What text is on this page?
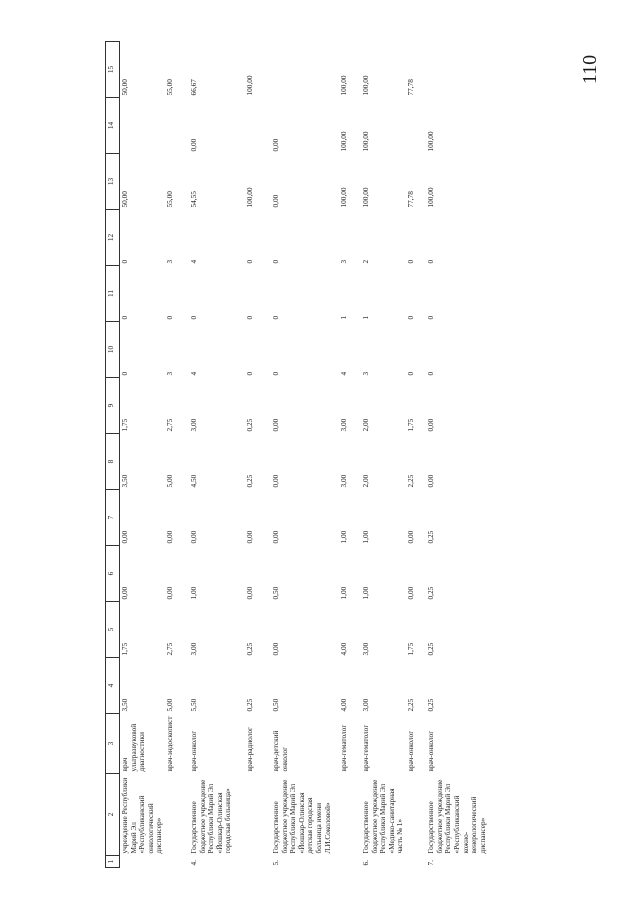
110
1	2	3	4	5	6	7	8	9	10	11	12	13	14	15
	учреждение Республики Марий Эл «Республиканский онкологический диспансер»	врач ультразвуковой диагностики	3,50	1,75	0,00	0,00	3,50	1,75	0	0	0	50,00		50,00
		врач-эндоскопист	5,00	2,75	0,00	0,00	5,00	2,75	3	0	3	55,00		55,00
4.	Государственное бюджетное учреждение Республики Марий Эл «Йошкар-Олинская городская больница»	врач-онколог	5,50	3,00	1,00	0,00	4,50	3,00	4	0	4	54,55	0,00	66,67
		врач-радиолог	0,25	0,25	0,00	0,00	0,25	0,25	0	0	0	100,00		100,00
5.	Государственное бюджетное учреждение Республики Марий Эл «Йошкар-Олинская детская городская больница имени Л.И.Соколовой»	врач-детский онколог	0,50	0,00	0,50	0,00	0,00	0,00	0	0	0	0,00	0,00	
		врач-гематолог	4,00	4,00	1,00	1,00	3,00	3,00	4	1	3	100,00	100,00	100,00
6.	Государственное бюджетное учреждение Республики Марий Эл «Медико-санитарная часть № 1»	врач-гематолог	3,00	3,00	1,00	1,00	2,00	2,00	3	1	2	100,00	100,00	100,00
		врач-онколог	2,25	1,75	0,00	0,00	2,25	1,75	0	0	0	77,78		77,78
7.	Государственное бюджетное учреждение Республики Марий Эл «Республиканский кожно-венерологический диспансер»	врач-онколог	0,25	0,25	0,25	0,25	0,00	0,00	0	0	0	100,00	100,00	
